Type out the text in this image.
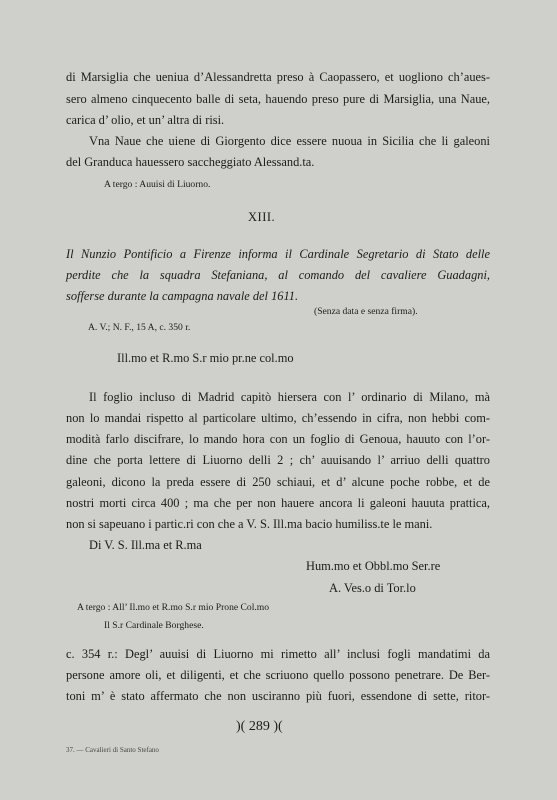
di Marsiglia che ueniua d’Alessandretta preso à Caopassero, et uogliono ch’aues-
sero almeno cinquecento balle di seta, hauendo preso pure di Marsiglia, una Naue,
carica d’ olio, et un’ altra di risi.
Vna Naue che uiene di Giorgento dice essere nuoua in Sicilia che li galeoni
del Granduca hauessero saccheggiato Alessand.ta.
A tergo : Auuisi di Liuorno.
XIII.
Il Nunzio Pontificio a Firenze informa il Cardinale Segretario di Stato delle
perdite che la squadra Stefaniana, al comando del cavaliere Guadagni,
sofferse durante la campagna navale del 1611.
(Senza data e senza firma).
A. V.; N. F., 15 A, c. 350 r.
Ill.mo et R.mo S.r mio pr.ne col.mo
Il foglio incluso di Madrid capitò hiersera con l’ ordinario di Milano, mà
non lo mandai rispetto al particolare ultimo, ch’essendo in cifra, non hebbi com-
modità farlo discifrare, lo mando hora con un foglio di Genoua, hauuto con l’or-
dine che porta lettere di Liuorno delli 2 ; ch’ auuisando l’ arriuo delli quattro
galeoni, dicono la preda essere di 250 schiaui, et d’ alcune poche robbe, et de
nostri morti circa 400 ; ma che per non hauere ancora li galeoni hauuta prattica,
non si sapeuano i partic.ri con che a V. S. Ill.ma bacio humiliss.te le mani.
Di V. S. Ill.ma et R.ma
Hum.mo et Obbl.mo Ser.re
A. Ves.o di Tor.lo
A tergo : All’ Il.mo et R.mo S.r mio Prone Col.mo
Il S.r Cardinale Borghese.
c. 354 r.: Degl’ auuisi di Liuorno mi rimetto all’ inclusi fogli mandatimi da
persone amore oli, et diligenti, et che scriuono quello possono penetrare. De Ber-
toni m’ è stato affermato che non usciranno più fuori, essendone di sette, ritor-
)( 289 )(
37. — Cavalieri di Santo Stefano
